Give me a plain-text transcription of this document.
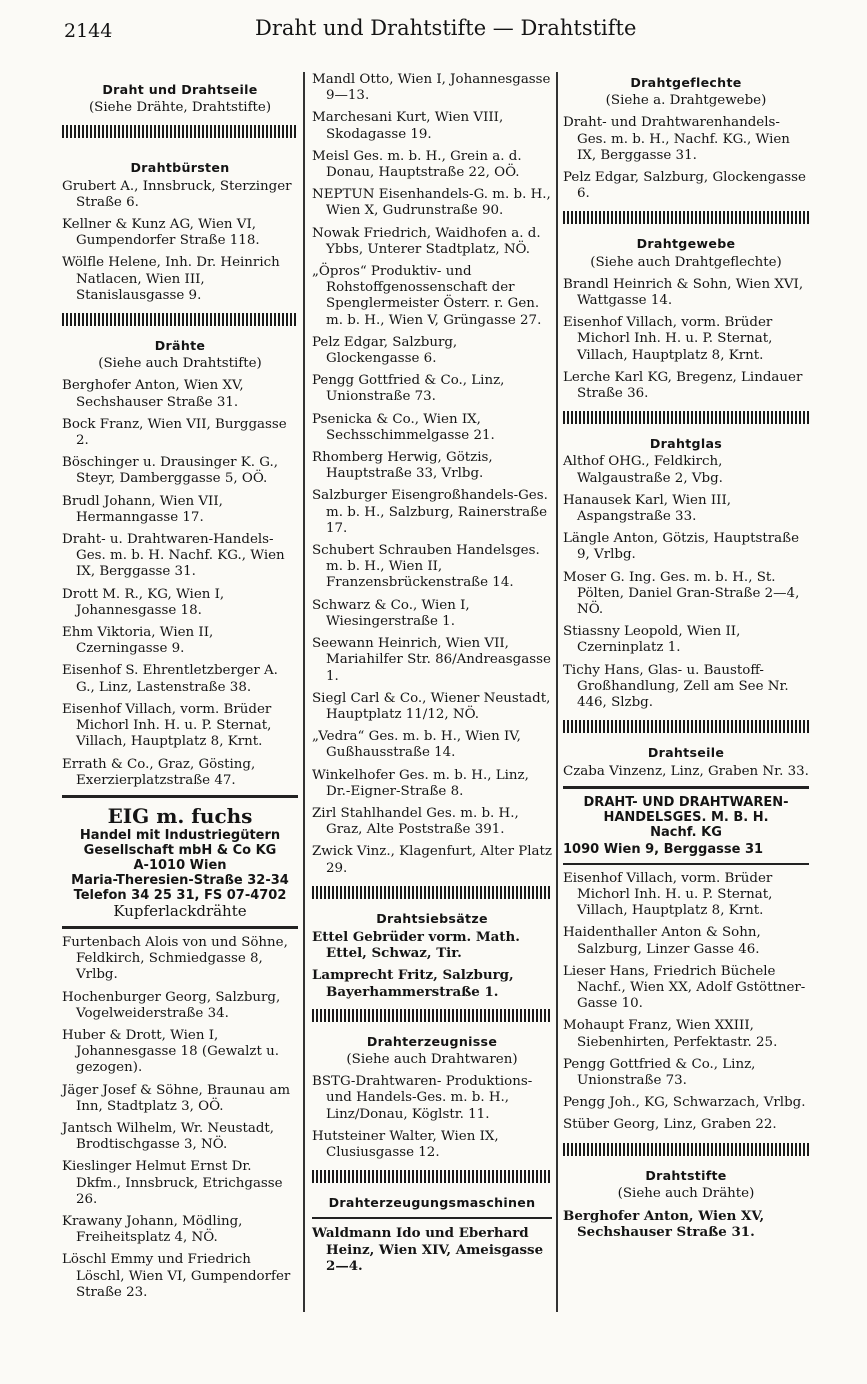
2144	Draht und Drahtstifte — Drahtstifte
Draht und Drahtseile
(Siehe Drähte, Drahtstifte)
Drahtbürsten
Grubert A., Innsbruck, Sterzinger Straße 6.
Kellner & Kunz AG, Wien VI, Gumpendorfer Straße 118.
Wölfle Helene, Inh. Dr. Heinrich Natlacen, Wien III, Stanislausgasse 9.
Drähte
(Siehe auch Drahtstifte)
Berghofer Anton, Wien XV, Sechshauser Straße 31.
Bock Franz, Wien VII, Burggasse 2.
Böschinger u. Drausinger K. G., Steyr, Damberggasse 5, OÖ.
Brudl Johann, Wien VII, Hermanngasse 17.
Draht- u. Drahtwaren-Handels-Ges. m. b. H. Nachf. KG., Wien IX, Berggasse 31.
Drott M. R., KG, Wien I, Johannesgasse 18.
Ehm Viktoria, Wien II, Czerningasse 9.
Eisenhof S. Ehrentletzberger A. G., Linz, Lastenstraße 38.
Eisenhof Villach, vorm. Brüder Michorl Inh. H. u. P. Sternat, Villach, Hauptplatz 8, Krnt.
Errath & Co., Graz, Gösting, Exerzierplatzstraße 47.
EIG m. fuchs
Handel mit Industriegütern
Gesellschaft mbH & Co KG
A-1010 Wien
Maria-Theresien-Straße 32-34
Telefon 34 25 31, FS 07-4702
Kupferlackdrähte
Furtenbach Alois von und Söhne, Feldkirch, Schmiedgasse 8, Vrlbg.
Hochenburger Georg, Salzburg, Vogelweiderstraße 34.
Huber & Drott, Wien I, Johannesgasse 18 (Gewalzt u. gezogen).
Jäger Josef & Söhne, Braunau am Inn, Stadtplatz 3, OÖ.
Jantsch Wilhelm, Wr. Neustadt, Brodtischgasse 3, NÖ.
Kieslinger Helmut Ernst Dr. Dkfm., Innsbruck, Etrichgasse 26.
Krawany Johann, Mödling, Freiheitsplatz 4, NÖ.
Löschl Emmy und Friedrich Löschl, Wien VI, Gumpendorfer Straße 23.
Mandl Otto, Wien I, Johannesgasse 9—13.
Marchesani Kurt, Wien VIII, Skodagasse 19.
Meisl Ges. m. b. H., Grein a. d. Donau, Hauptstraße 22, OÖ.
NEPTUN Eisenhandels-G. m. b. H., Wien X, Gudrunstraße 90.
Nowak Friedrich, Waidhofen a. d. Ybbs, Unterer Stadtplatz, NÖ.
„Öpros“ Produktiv- und Rohstoffgenossenschaft der Spenglermeister Österr. r. Gen. m. b. H., Wien V, Grüngasse 27.
Pelz Edgar, Salzburg, Glockengasse 6.
Pengg Gottfried & Co., Linz, Unionstraße 73.
Psenicka & Co., Wien IX, Sechsschimmelgasse 21.
Rhomberg Herwig, Götzis, Hauptstraße 33, Vrlbg.
Salzburger Eisengroßhandels-Ges. m. b. H., Salzburg, Rainerstraße 17.
Schubert Schrauben Handelsges. m. b. H., Wien II, Franzensbrückenstraße 14.
Schwarz & Co., Wien I, Wiesingerstraße 1.
Seewann Heinrich, Wien VII, Mariahilfer Str. 86/Andreasgasse 1.
Siegl Carl & Co., Wiener Neustadt, Hauptplatz 11/12, NÖ.
„Vedra“ Ges. m. b. H., Wien IV, Gußhausstraße 14.
Winkelhofer Ges. m. b. H., Linz, Dr.-Eigner-Straße 8.
Zirl Stahlhandel Ges. m. b. H., Graz, Alte Poststraße 391.
Zwick Vinz., Klagenfurt, Alter Platz 29.
Drahtsiebsätze
Ettel Gebrüder vorm. Math. Ettel, Schwaz, Tir.
Lamprecht Fritz, Salzburg, Bayerhammerstraße 1.
Drahterzeugnisse
(Siehe auch Drahtwaren)
BSTG-Drahtwaren- Produktions- und Handels-Ges. m. b. H., Linz/Donau, Köglstr. 11.
Hutsteiner Walter, Wien IX, Clusiusgasse 12.
Drahterzeugungsmaschinen
Waldmann Ido und Eberhard Heinz, Wien XIV, Ameisgasse 2—4.
Drahtgeflechte
(Siehe a. Drahtgewebe)
Draht- und Drahtwarenhandels-Ges. m. b. H., Nachf. KG., Wien IX, Berggasse 31.
Pelz Edgar, Salzburg, Glockengasse 6.
Drahtgewebe
(Siehe auch Drahtgeflechte)
Brandl Heinrich & Sohn, Wien XVI, Wattgasse 14.
Eisenhof Villach, vorm. Brüder Michorl Inh. H. u. P. Sternat, Villach, Hauptplatz 8, Krnt.
Lerche Karl KG, Bregenz, Lindauer Straße 36.
Drahtglas
Althof OHG., Feldkirch, Walgaustraße 2, Vbg.
Hanausek Karl, Wien III, Aspangstraße 33.
Längle Anton, Götzis, Hauptstraße 9, Vrlbg.
Moser G. Ing. Ges. m. b. H., St. Pölten, Daniel Gran-Straße 2—4, NÖ.
Stiassny Leopold, Wien II, Czerninplatz 1.
Tichy Hans, Glas- u. Baustoff-Großhandlung, Zell am See Nr. 446, Slzbg.
Drahtseile
Czaba Vinzenz, Linz, Graben Nr. 33.
DRAHT- UND DRAHTWAREN-
HANDELSGES. M. B. H.
Nachf. KG
1090 Wien 9, Berggasse 31
Eisenhof Villach, vorm. Brüder Michorl Inh. H. u. P. Sternat, Villach, Hauptplatz 8, Krnt.
Haidenthaller Anton & Sohn, Salzburg, Linzer Gasse 46.
Lieser Hans, Friedrich Büchele Nachf., Wien XX, Adolf Gstöttner-Gasse 10.
Mohaupt Franz, Wien XXIII, Siebenhirten, Perfektastr. 25.
Pengg Gottfried & Co., Linz, Unionstraße 73.
Pengg Joh., KG, Schwarzach, Vrlbg.
Stüber Georg, Linz, Graben 22.
Drahtstifte
(Siehe auch Drähte)
Berghofer Anton, Wien XV, Sechshauser Straße 31.
